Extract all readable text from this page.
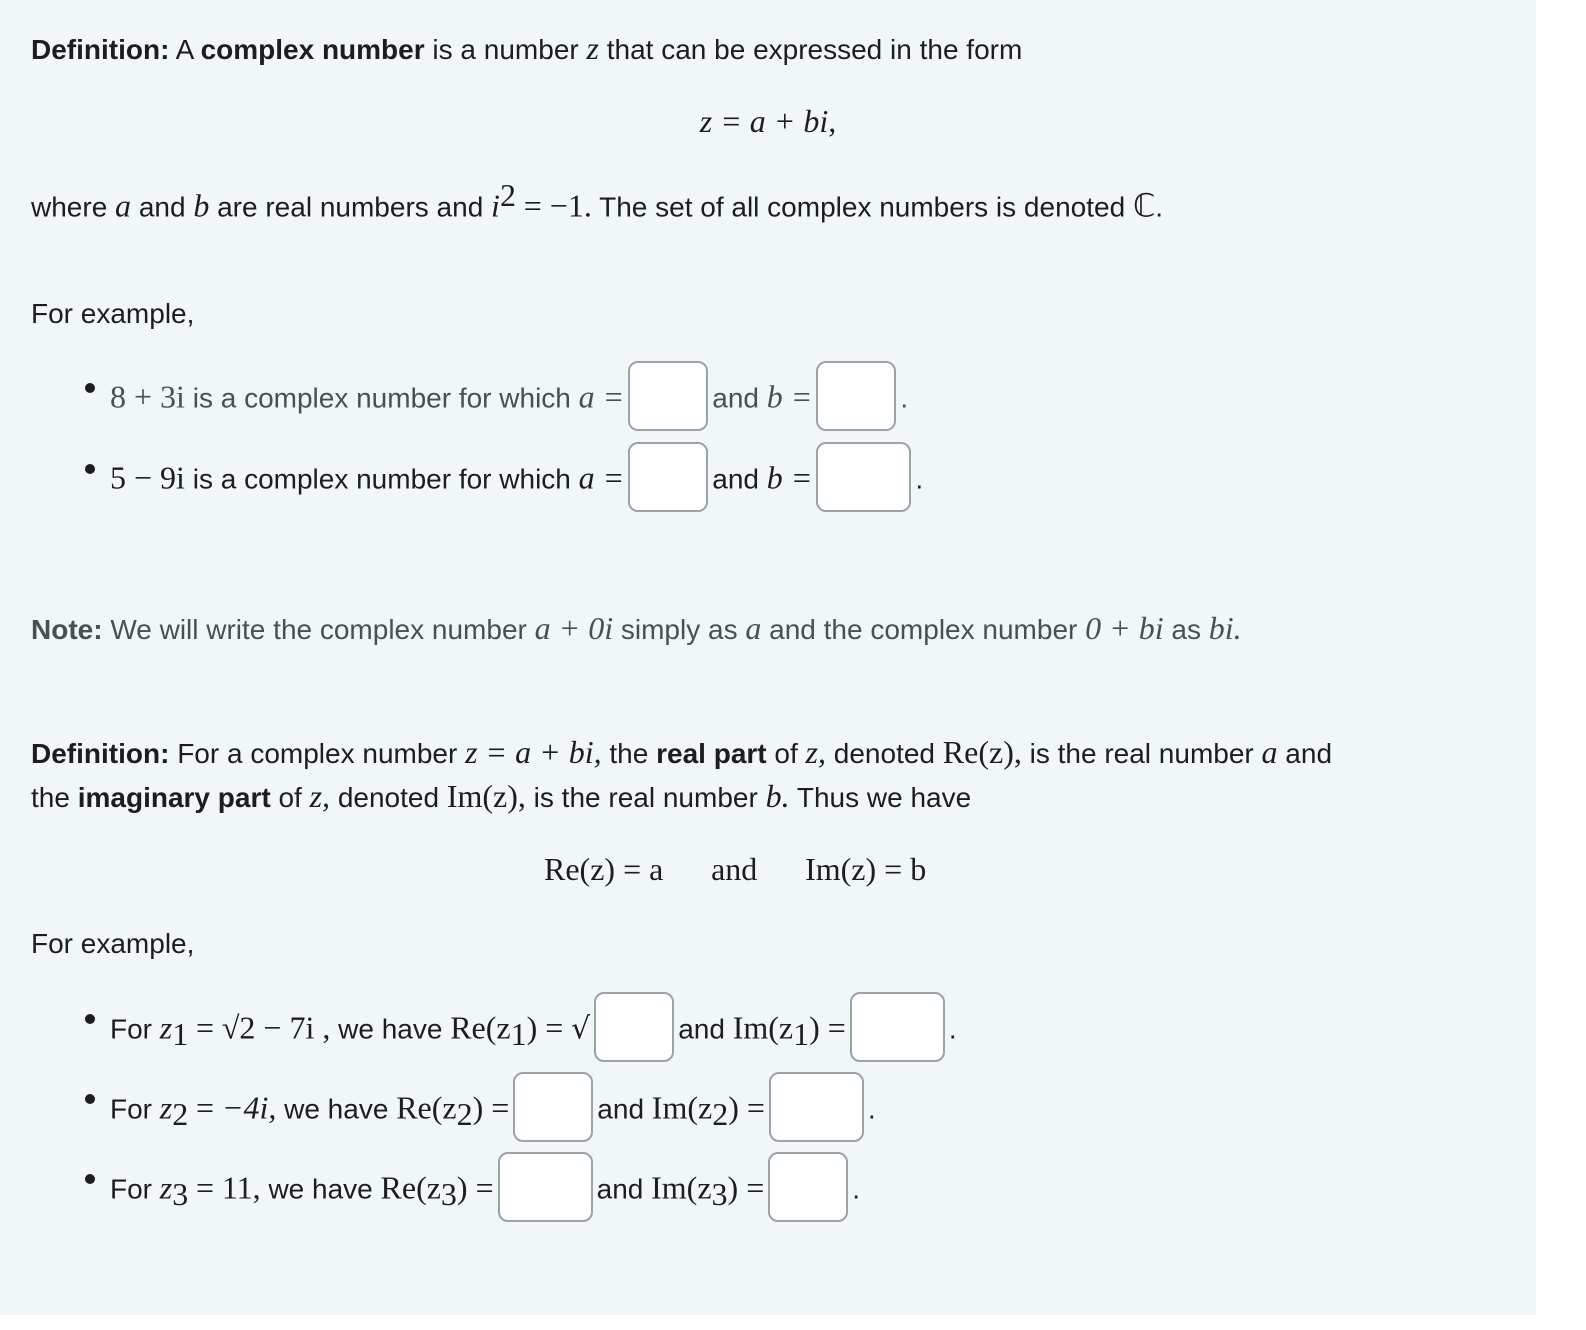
Definition: A complex number is a number z that can be expressed in the form
z = a + bi,
where a and b are real numbers and $i^2 = -1$. The set of all complex numbers is denoted ℂ.
For example,
8 + 3i is a complex number for which a =	and b =	.
5 − 9i is a complex number for which a =	and b =	.
Note: We will write the complex number a + 0i simply as a and the complex number 0 + bi as bi.
Definition: For a complex number z = a + bi, the real part of z, denoted Re(z), is the real number a and
the imaginary part of z, denoted Im(z), is the real number b. Thus we have
Re(z) = a and Im(z) = b
For example,
For $z_1 = √2 - 7i$ , we have $Re(z_1)$ = √	and $Im(z_1)$ =	.
For $z_2 = -4i$, we have $Re(z_2)$ =	and $Im(z_2)$ =	.
For $z_3 = 11$, we have $Re(z_3)$ =	and $Im(z_3)$ =	.
